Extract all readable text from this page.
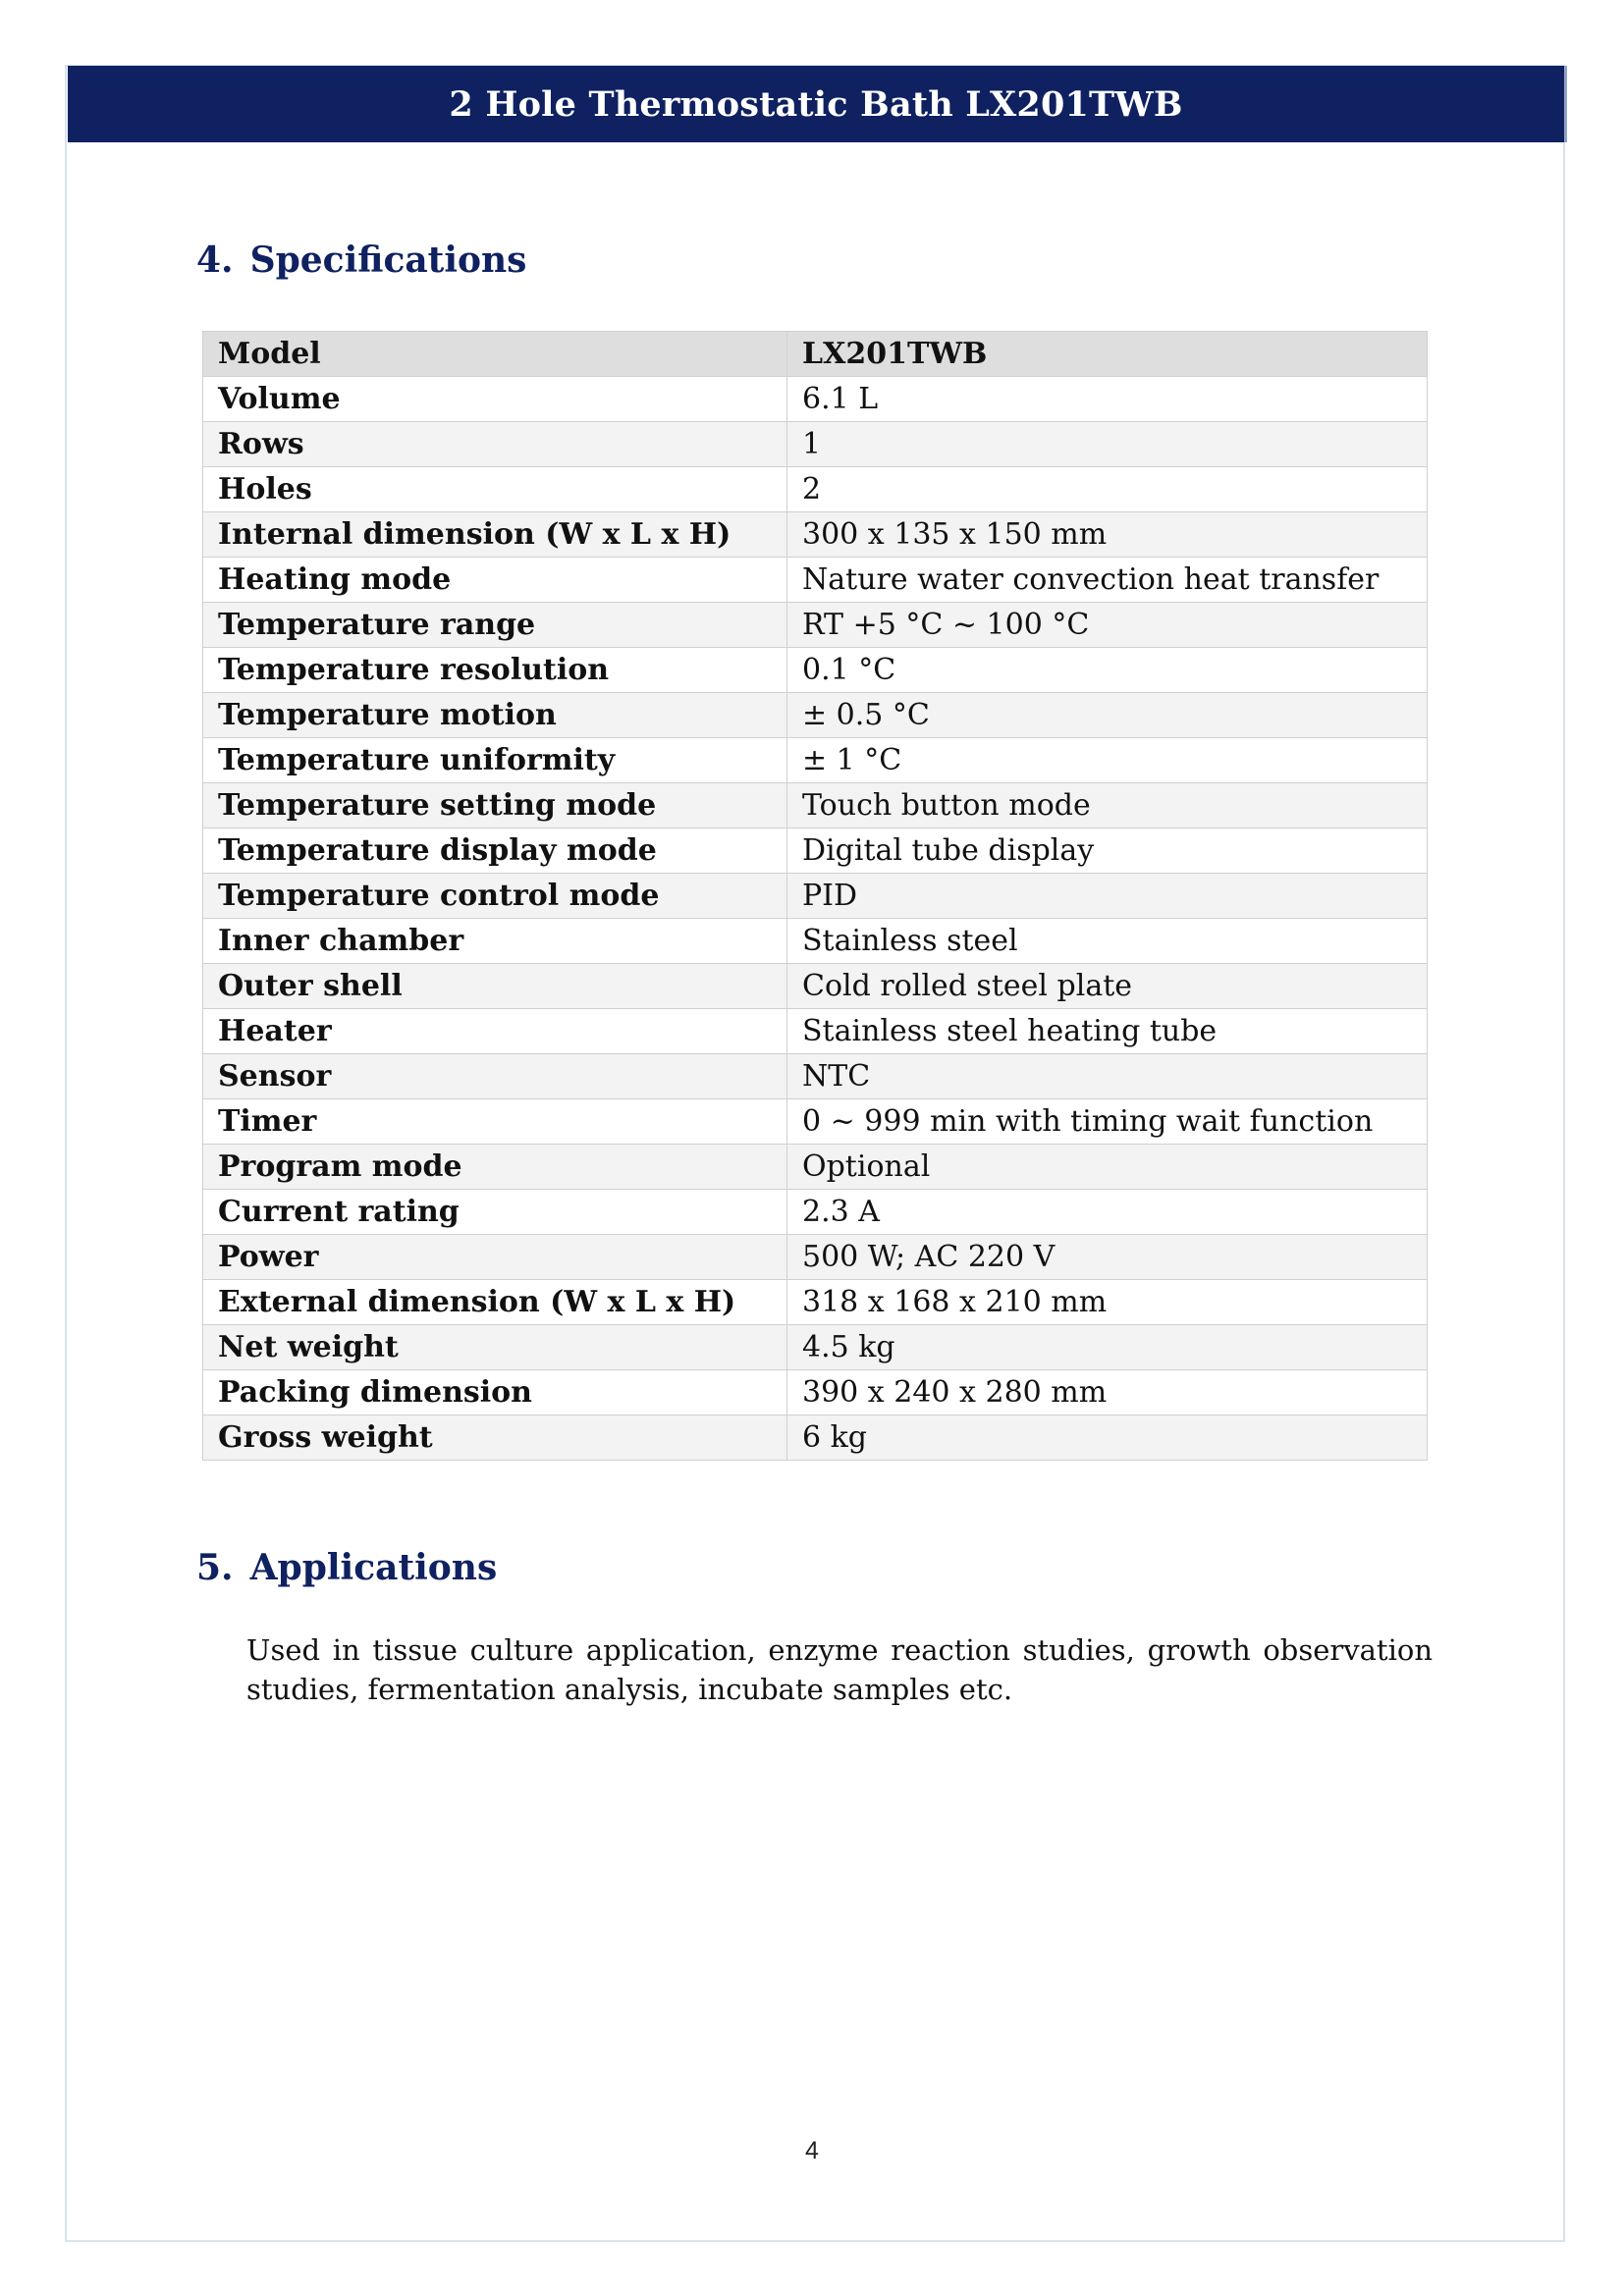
2 Hole Thermostatic Bath LX201TWB
4. Specifications
Model	LX201TWB
Volume	6.1 L
Rows	1
Holes	2
Internal dimension (W x L x H)	300 x 135 x 150 mm
Heating mode	Nature water convection heat transfer
Temperature range	RT +5 °C ~ 100 °C
Temperature resolution	0.1 °C
Temperature motion	± 0.5 °C
Temperature uniformity	± 1 °C
Temperature setting mode	Touch button mode
Temperature display mode	Digital tube display
Temperature control mode	PID
Inner chamber	Stainless steel
Outer shell	Cold rolled steel plate
Heater	Stainless steel heating tube
Sensor	NTC
Timer	0 ~ 999 min with timing wait function
Program mode	Optional
Current rating	2.3 A
Power	500 W; AC 220 V
External dimension (W x L x H)	318 x 168 x 210 mm
Net weight	4.5 kg
Packing dimension	390 x 240 x 280 mm
Gross weight	6 kg
5. Applications

Used in tissue culture application, enzyme reaction studies, growth observation studies, fermentation analysis, incubate samples etc.

4
